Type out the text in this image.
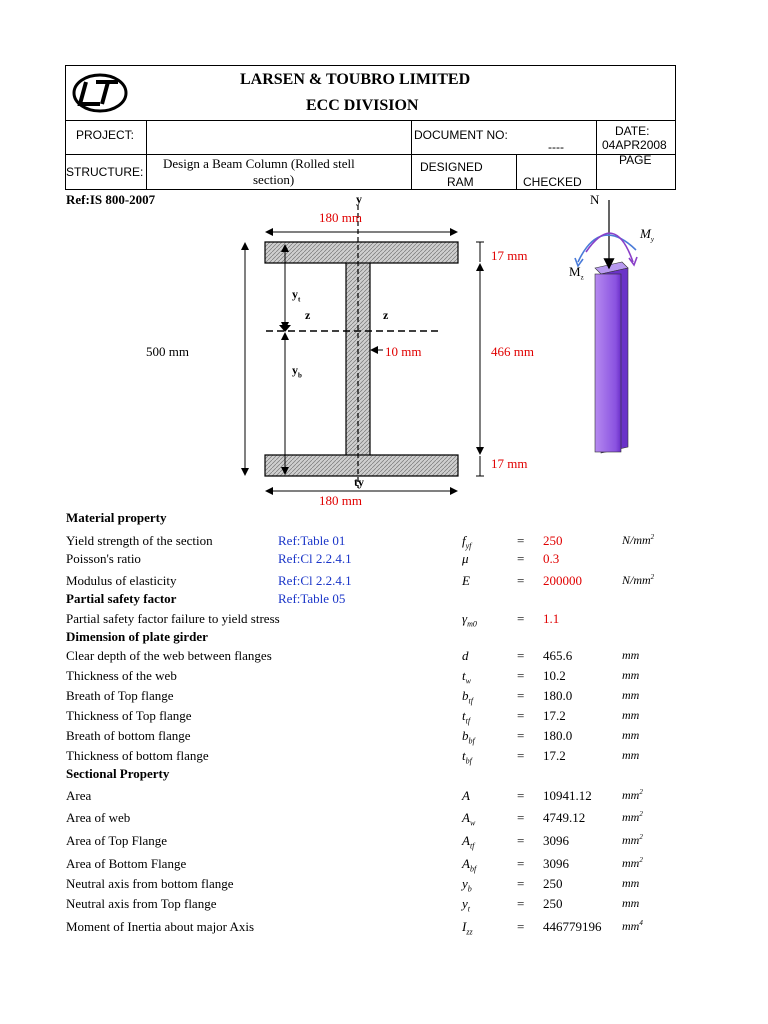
LARSEN & TOUBRO LIMITED
ECC DIVISION
PROJECT:	DOCUMENT NO:
----
DATE:
04APR2008
STRUCTURE:
Design a Beam Column (Rolled stell
section)
DESIGNED
RAM	CHECKED
PAGE
Ref:IS 800-2007
180 mm
180 mm
500 mm
17 mm
17 mm
466 mm
10 mm
y
ty
$y_t$
$y_b$
z	z
N
$M_y$
$M_z$
Material property
Partial safety factor	Ref:Table 05
Dimension of plate girder
Sectional Property
Yield strength of the section	Ref:Table 01	$f_{yf}$	= 250	$N/mm^2$
Poisson's ratio	Ref:Cl 2.2.4.1	μ	= 0.3
Modulus of elasticity	Ref:Cl 2.2.4.1	E	= 200000	$N/mm^2$
Partial safety factor failure to yield stress	$\gamma_{m0}$	= 1.1
Clear depth of the web between flanges	d	= 465.6	mm
Thickness of the web	$t_w$	= 10.2	mm
Breath of Top flange	$b_{tf}$	= 180.0	mm
Thickness of Top flange	$t_{tf}$	= 17.2	mm
Breath of bottom flange	$b_{bf}$	= 180.0	mm
Thickness of bottom flange	$t_{bf}$	= 17.2	mm
Area	A	= 10941.12	$mm^2$
Area of web	$A_w$	= 4749.12	$mm^2$
Area of Top Flange	$A_{tf}$	= 3096	$mm^2$
Area of Bottom Flange	$A_{bf}$	= 3096	$mm^2$
Neutral axis from bottom flange	$y_b$	= 250	mm
Neutral axis from Top flange	$y_t$	= 250	mm
Moment of Inertia about major Axis	$I_{zz}$	= 446779196 $mm^4$
